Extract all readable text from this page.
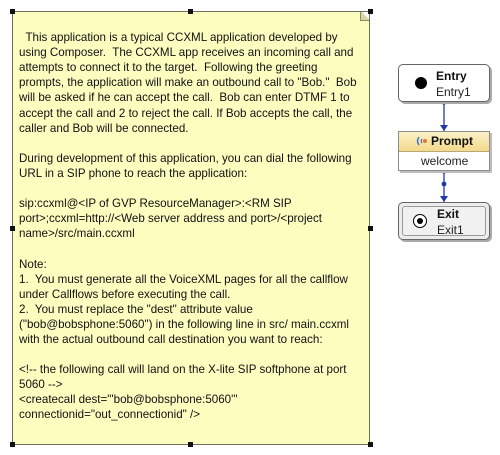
This application is a typical CCXML application developed by using Composer.  The CCXML app receives an incoming call and attempts to connect it to the target.  Following the greeting prompts, the application will make an outbound call to "Bob."  Bob will be asked if he can accept the call.  Bob can enter DTMF 1 to accept the call and 2 to reject the call. If Bob accepts the call, the caller and Bob will be connected.

During development of this application, you can dial the following URL in a SIP phone to reach the application:

sip:ccxml@<IP of GVP ResourceManager>:<RM SIP port>;ccxml=http://<Web server address and port>/<project name>/src/main.ccxml

Note:
1.  You must generate all the VoiceXML pages for all the callflow under Callflows before executing the call.
2.  You must replace the "dest" attribute value ("bob@bobsphone:5060") in the following line in src/ main.ccxml with the actual outbound call destination you want to reach:

<!-- the following call will land on the X-lite SIP softphone at port 5060 -->
<createcall dest="'bob@bobsphone:5060'" connectionid="out_connectionid" />

Entry
Entry1
Prompt
welcome
Exit
Exit1
